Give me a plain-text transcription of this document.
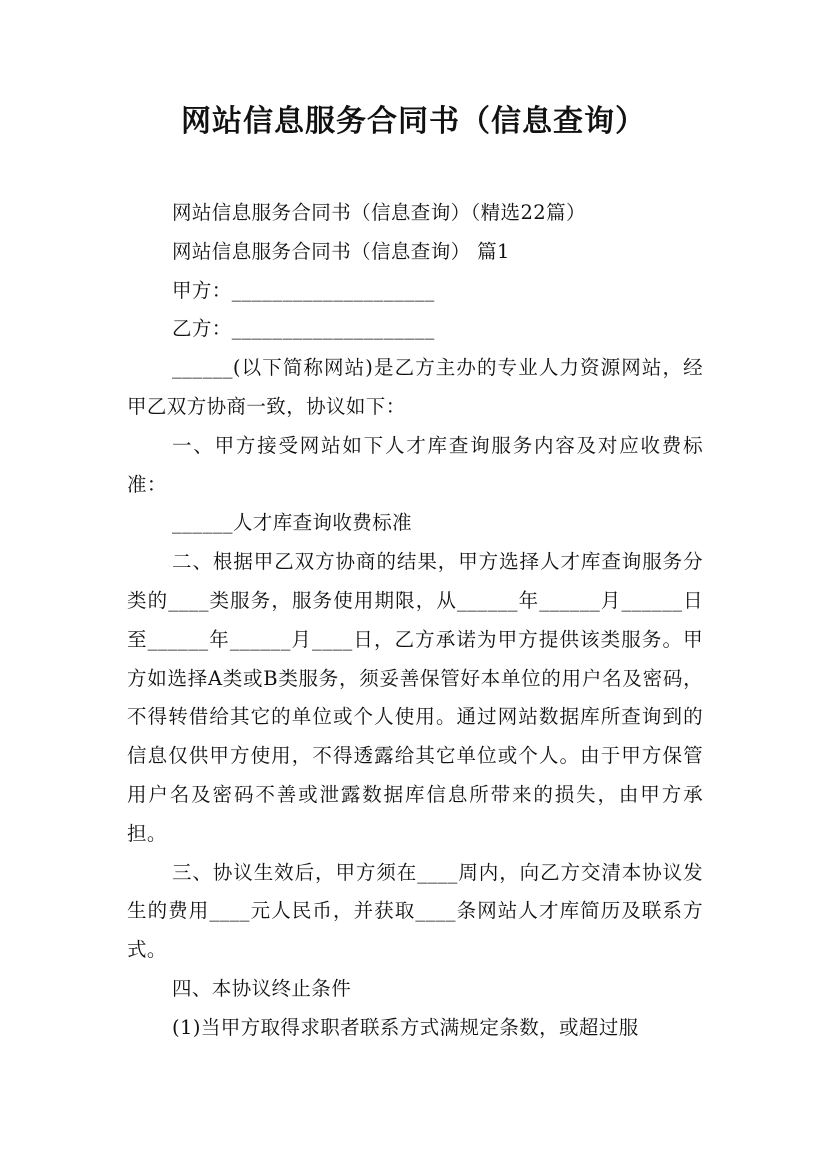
网站信息服务合同书（信息查询）

网站信息服务合同书（信息查询）（精选22篇）

网站信息服务合同书（信息查询） 篇1

甲方：____________________

乙方：____________________

______(以下简称网站)是乙方主办的专业人力资源网站，经甲乙双方协商一致，协议如下：

一、甲方接受网站如下人才库查询服务内容及对应收费标准：

______人才库查询收费标准

二、根据甲乙双方协商的结果，甲方选择人才库查询服务分类的____类服务，服务使用期限，从______年______月______日至______年______月____日，乙方承诺为甲方提供该类服务。甲方如选择A类或B类服务，须妥善保管好本单位的用户名及密码，不得转借给其它的单位或个人使用。通过网站数据库所查询到的信息仅供甲方使用，不得透露给其它单位或个人。由于甲方保管用户名及密码不善或泄露数据库信息所带来的损失，由甲方承担。

三、协议生效后，甲方须在____周内，向乙方交清本协议发生的费用____元人民币，并获取____条网站人才库简历及联系方式。

四、本协议终止条件

(1)当甲方取得求职者联系方式满规定条数，或超过服
